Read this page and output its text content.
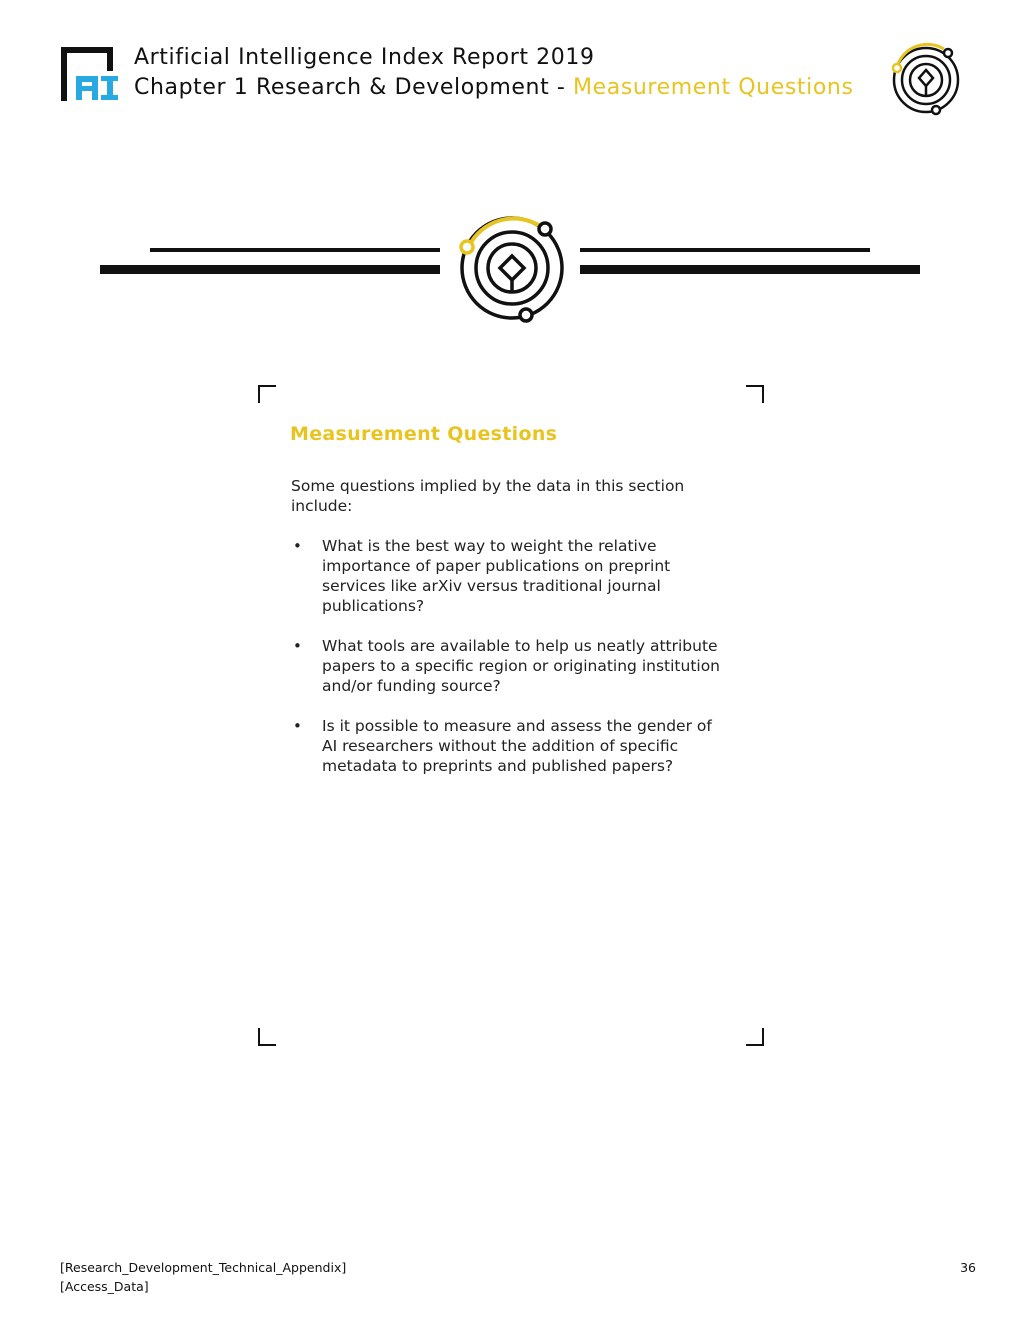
Artificial Intelligence Index Report 2019
Chapter 1 Research & Development - Measurement Questions
Measurement Questions

Some questions implied by the data in this section include:

• What is the best way to weight the relative importance of paper publications on preprint services like arXiv versus traditional journal publications?
• What tools are available to help us neatly attribute papers to a specific region or originating institution and/or funding source?
• Is it possible to measure and assess the gender of AI researchers without the addition of specific metadata to preprints and published papers?
[Research_Development_Technical_Appendix]
[Access_Data]
36
